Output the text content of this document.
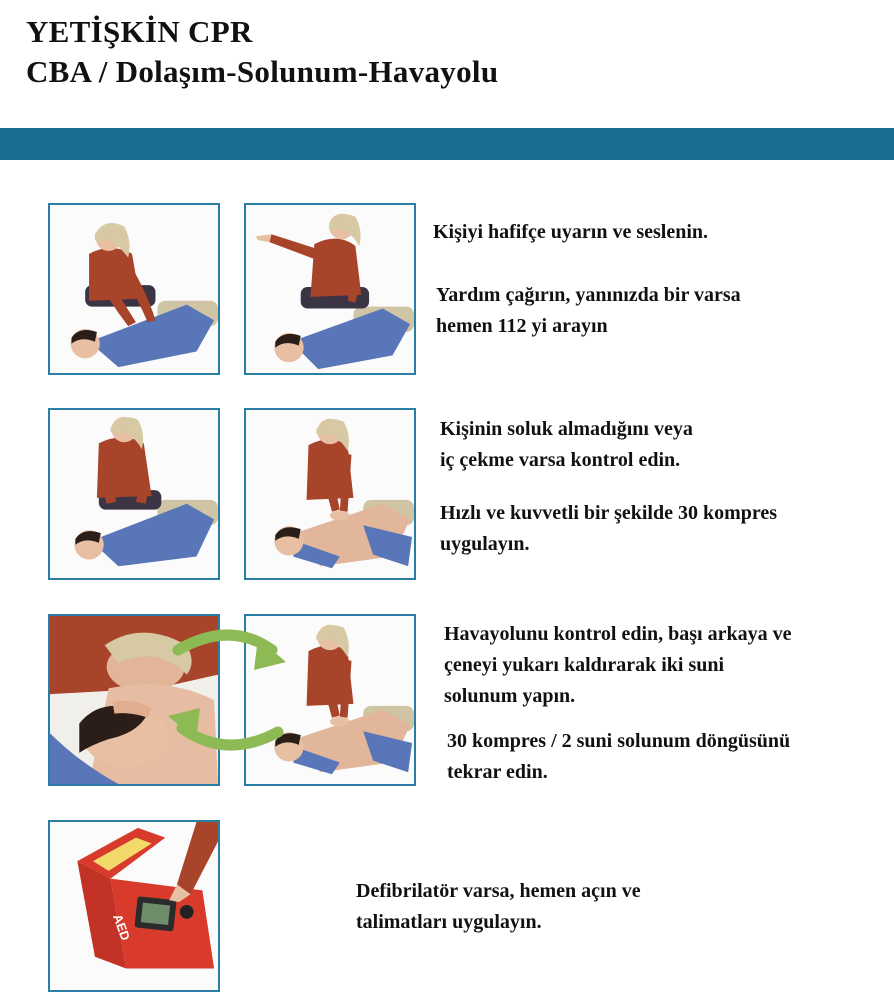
YETİŞKİN CPR
CBA / Dolaşım-Solunum-Havayolu
Kişiyi hafifçe uyarın ve seslenin.
Yardım çağırın, yanınızda bir varsa
hemen 112 yi arayın
Kişinin soluk almadığını veya
iç çekme varsa kontrol edin.
Hızlı ve kuvvetli bir şekilde 30 kompres
uygulayın.
Havayolunu kontrol edin, başı arkaya ve
çeneyi yukarı kaldırarak iki suni
solunum yapın.
30 kompres / 2 suni solunum döngüsünü
tekrar edin.
AED
Defibrilatör varsa, hemen açın ve
talimatları uygulayın.
